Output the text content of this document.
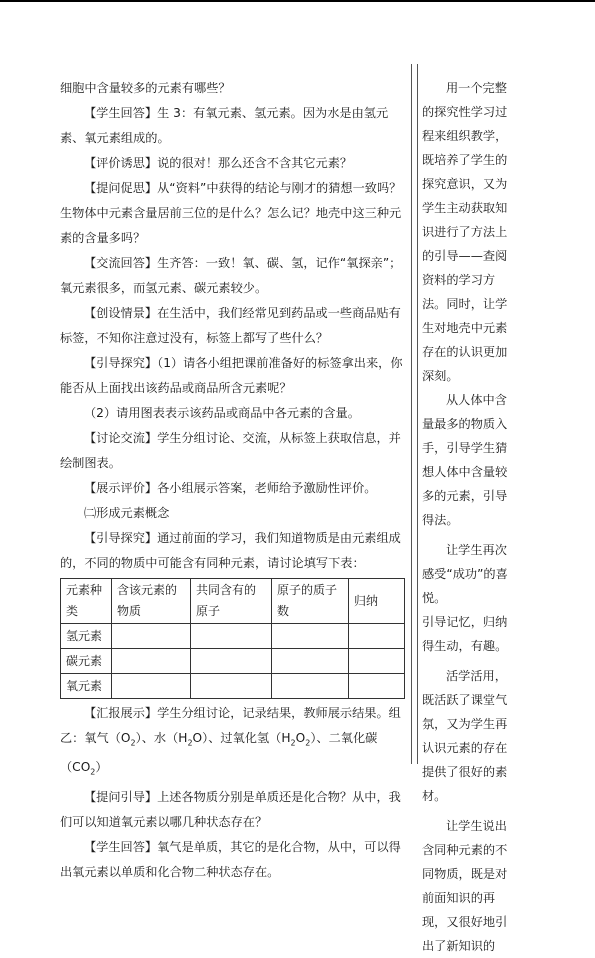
细胞中含量较多的元素有哪些？

【学生回答】生 3：有氧元素、氢元素。因为水是由氢元素、氧元素组成的。

【评价诱思】说的很对！那么还含不含其它元素？

【提问促思】从“资料”中获得的结论与刚才的猜想一致吗？生物体中元素含量居前三位的是什么？怎么记？地壳中这三种元素的含量多吗？

【交流回答】生齐答：一致！氧、碳、氢，记作“氧探亲”；氧元素很多，而氢元素、碳元素较少。

【创设情景】在生活中，我们经常见到药品或一些商品贴有标签，不知你注意过没有，标签上都写了些什么？

【引导探究】（1）请各小组把课前准备好的标签拿出来，你能否从上面找出该药品或商品所含元素呢？

（2）请用图表表示该药品或商品中各元素的含量。

【讨论交流】学生分组讨论、交流，从标签上获取信息，并绘制图表。

【展示评价】各小组展示答案，老师给予激励性评价。

㈡形成元素概念

【引导探究】通过前面的学习，我们知道物质是由元素组成的，不同的物质中可能含有同种元素，请讨论填写下表：

元素种类	含该元素的物质	共同含有的原子	原子的质子数	归纳
氢元素				
碳元素				
氧元素				

【汇报展示】学生分组讨论，记录结果，教师展示结果。组乙：氧气$(O_2)$、水$(H_2O)$、过氧化氢$(H_2O_2)$、二氧化碳$(CO_2)$

【提问引导】上述各物质分别是单质还是化合物？从中，我们可以知道氧元素以哪几种状态存在？

【学生回答】氧气是单质，其它的是化合物，从中，可以得出氧元素以单质和化合物二种状态存在。

用一个完整的探究性学习过程来组织教学，既培养了学生的探究意识，又为学生主动获取知识进行了方法上的引导——查阅资料的学习方法。同时，让学生对地壳中元素存在的认识更加深刻。

从人体中含量最多的物质入手，引导学生猜想人体中含量较多的元素，引导得法。

让学生再次感受“成功”的喜悦。

引导记忆，归纳得生动，有趣。

活学活用，既活跃了课堂气氛，又为学生再认识元素的存在提供了很好的素材。

让学生说出含同种元素的不同物质，既是对前面知识的再现，又很好地引出了新知识的
